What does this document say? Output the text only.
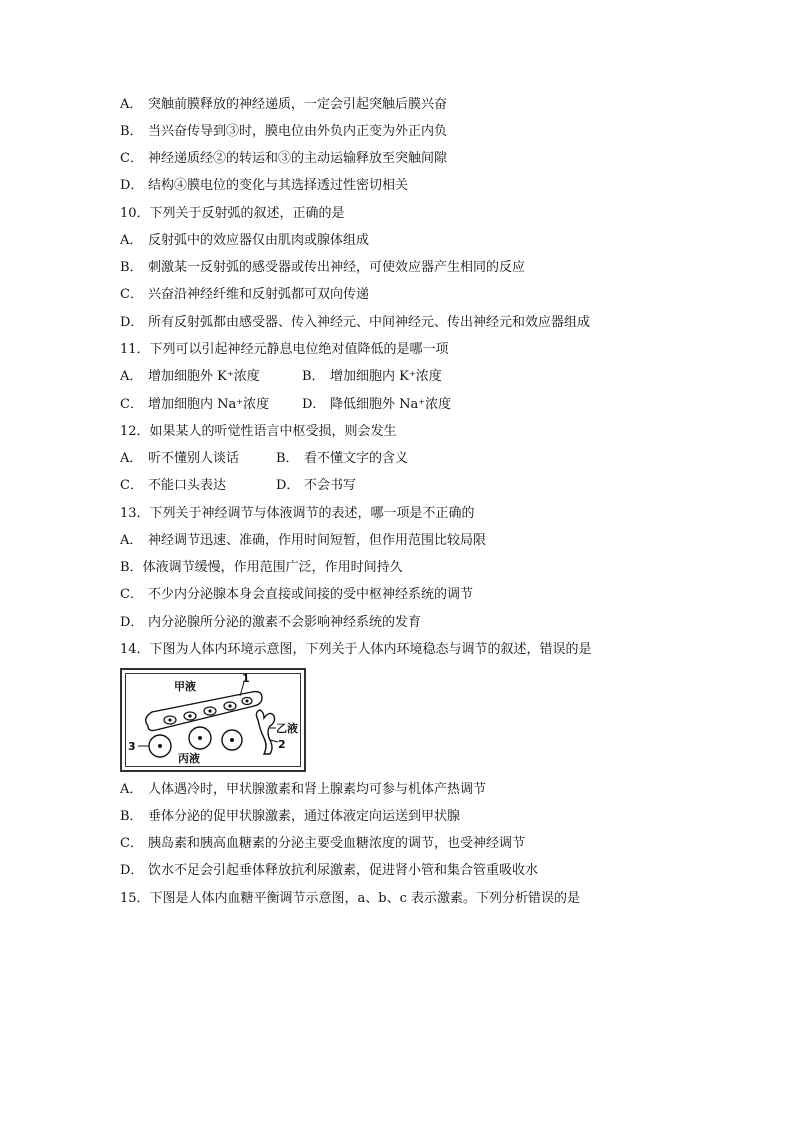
A． 突触前膜释放的神经递质，一定会引起突触后膜兴奋
B． 当兴奋传导到③时，膜电位由外负内正变为外正内负
C． 神经递质经②的转运和③的主动运输释放至突触间隙
D． 结构④膜电位的变化与其选择透过性密切相关
10．下列关于反射弧的叙述，正确的是
A． 反射弧中的效应器仅由肌肉或腺体组成
B． 刺激某一反射弧的感受器或传出神经，可使效应器产生相同的反应
C． 兴奋沿神经纤维和反射弧都可双向传递
D． 所有反射弧都由感受器、传入神经元、中间神经元、传出神经元和效应器组成
11．下列可以引起神经元静息电位绝对值降低的是哪一项
A． 增加细胞外 K⁺浓度	B． 增加细胞内 K⁺浓度
C． 增加细胞内 Na⁺浓度	D． 降低细胞外 Na⁺浓度
12．如果某人的听觉性语言中枢受损，则会发生
A． 听不懂别人谈话	B． 看不懂文字的含义
C． 不能口头表达	D． 不会书写
13．下列关于神经调节与体液调节的表述，哪一项是不正确的
A． 神经调节迅速、准确，作用时间短暂，但作用范围比较局限
B．体液调节缓慢，作用范围广泛，作用时间持久
C． 不少内分泌腺本身会直接或间接的受中枢神经系统的调节
D． 内分泌腺所分泌的激素不会影响神经系统的发育
14．下图为人体内环境示意图，下列关于人体内环境稳态与调节的叙述，错误的是
甲液
1
乙液
2
3
丙液
A． 人体遇冷时，甲状腺激素和肾上腺素均可参与机体产热调节
B． 垂体分泌的促甲状腺激素，通过体液定向运送到甲状腺
C． 胰岛素和胰高血糖素的分泌主要受血糖浓度的调节，也受神经调节
D． 饮水不足会引起垂体释放抗利尿激素，促进肾小管和集合管重吸收水
15．下图是人体内血糖平衡调节示意图，a、b、c 表示激素。下列分析错误的是
